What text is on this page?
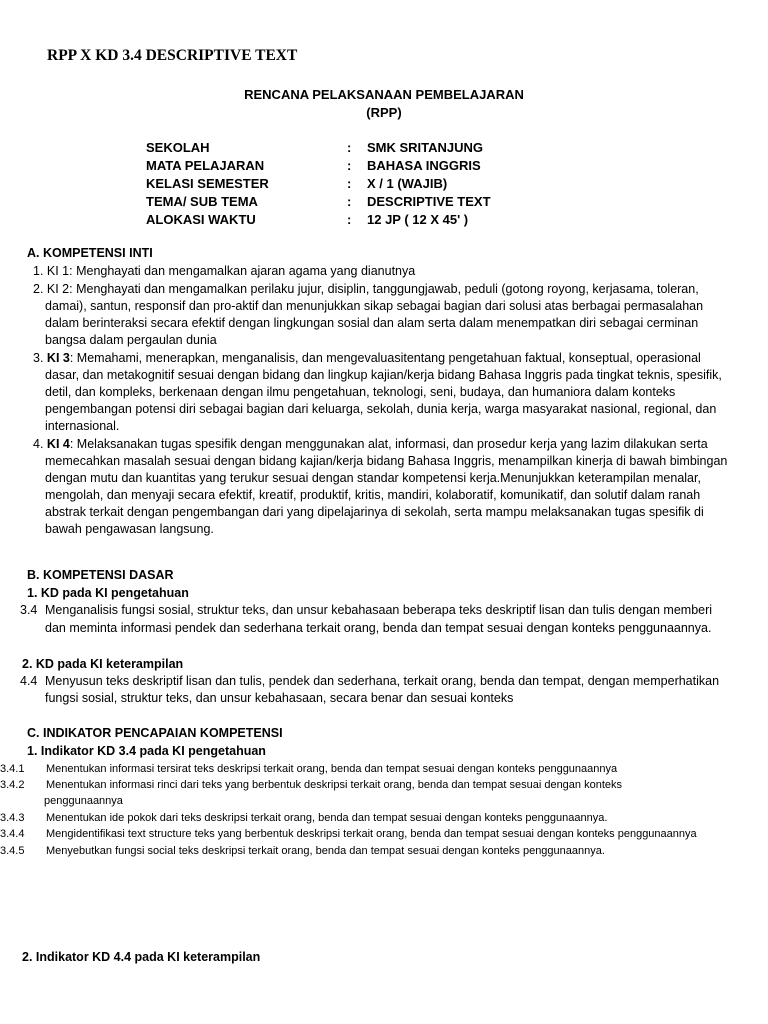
RPP X KD 3.4 DESCRIPTIVE TEXT
RENCANA PELAKSANAAN PEMBELAJARAN
(RPP)
SEKOLAH	: SMK SRITANJUNG
MATA PELAJARAN	: BAHASA INGGRIS
KELASI SEMESTER	: X / 1 (WAJIB)
TEMA/ SUB TEMA	: DESCRIPTIVE TEXT
ALOKASI WAKTU	: 12 JP ( 12 X 45' )
A. KOMPETENSI INTI
1. KI 1: Menghayati dan mengamalkan ajaran agama yang dianutnya
2. KI 2: Menghayati dan mengamalkan perilaku jujur, disiplin, tanggungjawab, peduli (gotong royong, kerjasama, toleran,
damai), santun, responsif dan pro-aktif dan menunjukkan sikap sebagai bagian dari solusi atas berbagai permasalahan
dalam berinteraksi secara efektif dengan lingkungan sosial dan alam serta dalam menempatkan diri sebagai cerminan
bangsa dalam pergaulan dunia
3. KI 3: Memahami, menerapkan, menganalisis, dan mengevaluasitentang pengetahuan faktual, konseptual, operasional
dasar, dan metakognitif sesuai dengan bidang dan lingkup kajian/kerja bidang Bahasa Inggris pada tingkat teknis, spesifik,
detil, dan kompleks, berkenaan dengan ilmu pengetahuan, teknologi, seni, budaya, dan humaniora dalam konteks
pengembangan potensi diri sebagai bagian dari keluarga, sekolah, dunia kerja, warga masyarakat nasional, regional, dan
internasional.
4. KI 4: Melaksanakan tugas spesifik dengan menggunakan alat, informasi, dan prosedur kerja yang lazim dilakukan serta
memecahkan masalah sesuai dengan bidang kajian/kerja bidang Bahasa Inggris, menampilkan kinerja di bawah bimbingan
dengan mutu dan kuantitas yang terukur sesuai dengan standar kompetensi kerja.Menunjukkan keterampilan menalar,
mengolah, dan menyaji secara efektif, kreatif, produktif, kritis, mandiri, kolaboratif, komunikatif, dan solutif dalam ranah
abstrak terkait dengan pengembangan dari yang dipelajarinya di sekolah, serta mampu melaksanakan tugas spesifik di
bawah pengawasan langsung.
B. KOMPETENSI DASAR
1. KD pada KI pengetahuan
3.4 Menganalisis fungsi sosial, struktur teks, dan unsur kebahasaan beberapa teks deskriptif lisan dan tulis dengan memberi
dan meminta informasi pendek dan sederhana terkait orang, benda dan tempat sesuai dengan konteks penggunaannya.
2. KD pada KI keterampilan
4.4 Menyusun teks deskriptif lisan dan tulis, pendek dan sederhana, terkait orang, benda dan tempat, dengan memperhatikan
fungsi sosial, struktur teks, dan unsur kebahasaan, secara benar dan sesuai konteks
C. INDIKATOR PENCAPAIAN KOMPETENSI
1. Indikator KD 3.4 pada KI pengetahuan
3.4.1 Menentukan informasi tersirat teks deskripsi terkait orang, benda dan tempat sesuai dengan konteks penggunaannya
3.4.2 Menentukan informasi rinci dari teks yang berbentuk deskripsi terkait orang, benda dan tempat sesuai dengan konteks
penggunaannya
3.4.3 Menentukan ide pokok dari teks deskripsi terkait orang, benda dan tempat sesuai dengan konteks penggunaannya.
3.4.4 Mengidentifikasi text structure teks yang berbentuk deskripsi terkait orang, benda dan tempat sesuai dengan konteks penggunaannya
3.4.5 Menyebutkan fungsi social teks deskripsi terkait orang, benda dan tempat sesuai dengan konteks penggunaannya.
2. Indikator KD 4.4 pada KI keterampilan
